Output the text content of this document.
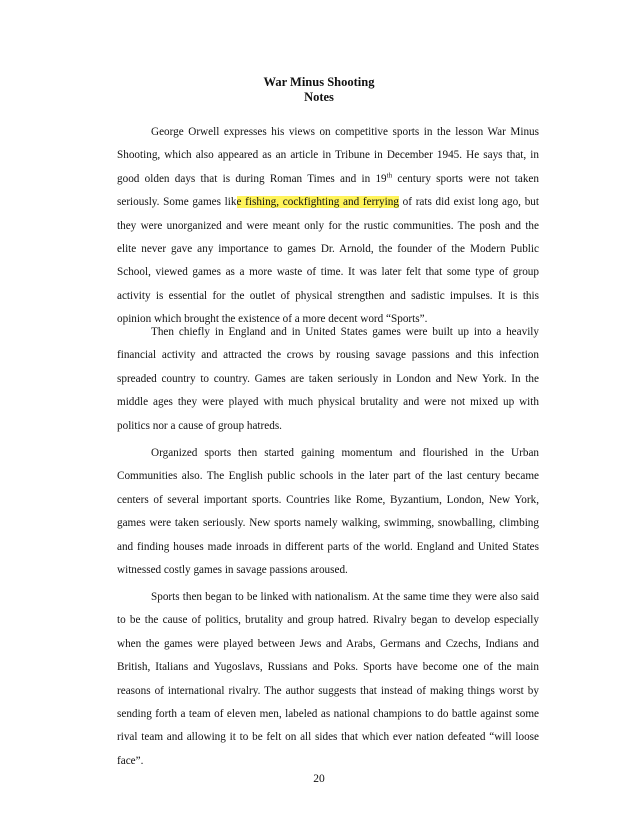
War Minus Shooting
Notes

George Orwell expresses his views on competitive sports in the lesson War Minus Shooting, which also appeared as an article in Tribune in December 1945. He says that, in good olden days that is during Roman Times and in 19th century sports were not taken seriously. Some games like fishing, cockfighting and ferrying of rats did exist long ago, but they were unorganized and were meant only for the rustic communities. The posh and the elite never gave any importance to games Dr. Arnold, the founder of the Modern Public School, viewed games as a more waste of time. It was later felt that some type of group activity is essential for the outlet of physical strengthen and sadistic impulses. It is this opinion which brought the existence of a more decent word “Sports”.

Then chiefly in England and in United States games were built up into a heavily financial activity and attracted the crows by rousing savage passions and this infection spreaded country to country. Games are taken seriously in London and New York. In the middle ages they were played with much physical brutality and were not mixed up with politics nor a cause of group hatreds.

Organized sports then started gaining momentum and flourished in the Urban Communities also. The English public schools in the later part of the last century became centers of several important sports. Countries like Rome, Byzantium, London, New York, games were taken seriously. New sports namely walking, swimming, snowballing, climbing and finding houses made inroads in different parts of the world. England and United States witnessed costly games in savage passions aroused.

Sports then began to be linked with nationalism. At the same time they were also said to be the cause of politics, brutality and group hatred. Rivalry began to develop especially when the games were played between Jews and Arabs, Germans and Czechs, Indians and British, Italians and Yugoslavs, Russians and Poks. Sports have become one of the main reasons of international rivalry. The author suggests that instead of making things worst by sending forth a team of eleven men, labeled as national champions to do battle against some rival team and allowing it to be felt on all sides that which ever nation defeated “will loose face”.

20
